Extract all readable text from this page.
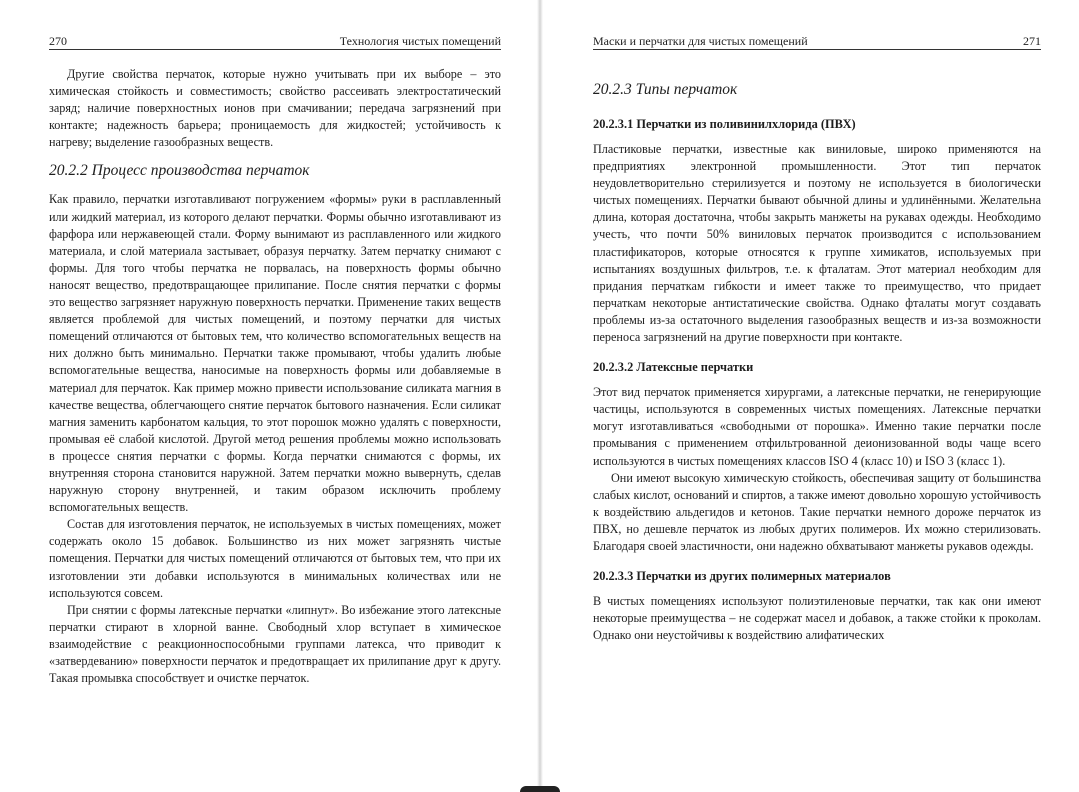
270	Технология чистых помещений

Другие свойства перчаток, которые нужно учитывать при их выборе – это химическая стойкость и совместимость; свойство рассеивать электростатический заряд; наличие поверхностных ионов при смачивании; передача загрязнений при контакте; надежность барьера; проницаемость для жидкостей; устойчивость к нагреву; выделение газообразных веществ.

20.2.2 Процесс производства перчаток

Как правило, перчатки изготавливают погружением «формы» руки в расплавленный или жидкий материал, из которого делают перчатки. Формы обычно изготавливают из фарфора или нержавеющей стали. Форму вынимают из расплавленного или жидкого материала, и слой материала застывает, образуя перчатку. Затем перчатку снимают с формы. Для того чтобы перчатка не порвалась, на поверхность формы обычно наносят вещество, предотвращающее прилипание. После снятия перчатки с формы это вещество загрязняет наружную поверхность перчатки. Применение таких веществ является проблемой для чистых помещений, и поэтому перчатки для чистых помещений отличаются от бытовых тем, что количество вспомогательных веществ на них должно быть минимально. Перчатки также промывают, чтобы удалить любые вспомогательные вещества, наносимые на поверхность формы или добавляемые в материал для перчаток. Как пример можно привести использование силиката магния в качестве вещества, облегчающего снятие перчаток бытового назначения. Если силикат магния заменить карбонатом кальция, то этот порошок можно удалять с поверхности, промывая её слабой кислотой. Другой метод решения проблемы можно использовать в процессе снятия перчатки с формы. Когда перчатки снимаются с формы, их внутренняя сторона становится наружной. Затем перчатки можно вывернуть, сделав наружную сторону внутренней, и таким образом исключить проблему вспомогательных веществ.

Состав для изготовления перчаток, не используемых в чистых помещениях, может содержать около 15 добавок. Большинство из них может загрязнять чистые помещения. Перчатки для чистых помещений отличаются от бытовых тем, что при их изготовлении эти добавки используются в минимальных количествах или не используются совсем.

При снятии с формы латексные перчатки «липнут». Во избежание этого латексные перчатки стирают в хлорной ванне. Свободный хлор вступает в химическое взаимодействие с реакционноспособными группами латекса, что приводит к «затвердеванию» поверхности перчаток и предотвращает их прилипание друг к другу. Такая промывка способствует и очистке перчаток.

Маски и перчатки для чистых помещений	271
20.2.3 Типы перчаток
20.2.3.1 Перчатки из поливинилхлорида (ПВХ)

Пластиковые перчатки, известные как виниловые, широко применяются на предприятиях электронной промышленности. Этот тип перчаток неудовлетворительно стерилизуется и поэтому не используется в биологически чистых помещениях. Перчатки бывают обычной длины и удлинёнными. Желательна длина, которая достаточна, чтобы закрыть манжеты на рукавах одежды. Необходимо учесть, что почти 50% виниловых перчаток производится с использованием пластификаторов, которые относятся к группе химикатов, используемых при испытаниях воздушных фильтров, т.е. к фталатам. Этот материал необходим для придания перчаткам гибкости и имеет также то преимущество, что придает перчаткам некоторые антистатические свойства. Однако фталаты могут создавать проблемы из-за остаточного выделения газообразных веществ и из-за возможности переноса загрязнений на другие поверхности при контакте.

20.2.3.2 Латексные перчатки

Этот вид перчаток применяется хирургами, а латексные перчатки, не генерирующие частицы, используются в современных чистых помещениях. Латексные перчатки могут изготавливаться «свободными от порошка». Именно такие перчатки после промывания с применением отфильтрованной деионизованной воды чаще всего используются в чистых помещениях классов ISO 4 (класс 10) и ISO 3 (класс 1).

Они имеют высокую химическую стойкость, обеспечивая защиту от большинства слабых кислот, оснований и спиртов, а также имеют довольно хорошую устойчивость к воздействию альдегидов и кетонов. Такие перчатки немного дороже перчаток из ПВХ, но дешевле перчаток из любых других полимеров. Их можно стерилизовать. Благодаря своей эластичности, они надежно обхватывают манжеты рукавов одежды.

20.2.3.3 Перчатки из других полимерных материалов

В чистых помещениях используют полиэтиленовые перчатки, так как они имеют некоторые преимущества – не содержат масел и добавок, а также стойки к проколам. Однако они неустойчивы к воздействию алифатических
